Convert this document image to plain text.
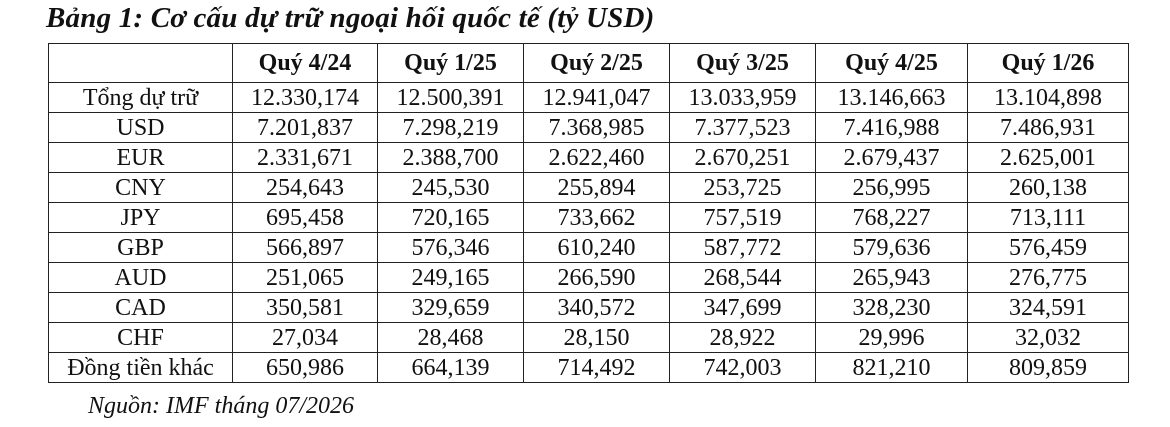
Bảng 1: Cơ cấu dự trữ ngoại hối quốc tế (tỷ USD)
	Quý 4/24	Quý 1/25	Quý 2/25	Quý 3/25	Quý 4/25	Quý 1/26
Tổng dự trữ	12.330,174	12.500,391	12.941,047	13.033,959	13.146,663	13.104,898
USD	7.201,837	7.298,219	7.368,985	7.377,523	7.416,988	7.486,931
EUR	2.331,671	2.388,700	2.622,460	2.670,251	2.679,437	2.625,001
CNY	254,643	245,530	255,894	253,725	256,995	260,138
JPY	695,458	720,165	733,662	757,519	768,227	713,111
GBP	566,897	576,346	610,240	587,772	579,636	576,459
AUD	251,065	249,165	266,590	268,544	265,943	276,775
CAD	350,581	329,659	340,572	347,699	328,230	324,591
CHF	27,034	28,468	28,150	28,922	29,996	32,032
Đồng tiền khác	650,986	664,139	714,492	742,003	821,210	809,859
Nguồn: IMF tháng 07/2026
